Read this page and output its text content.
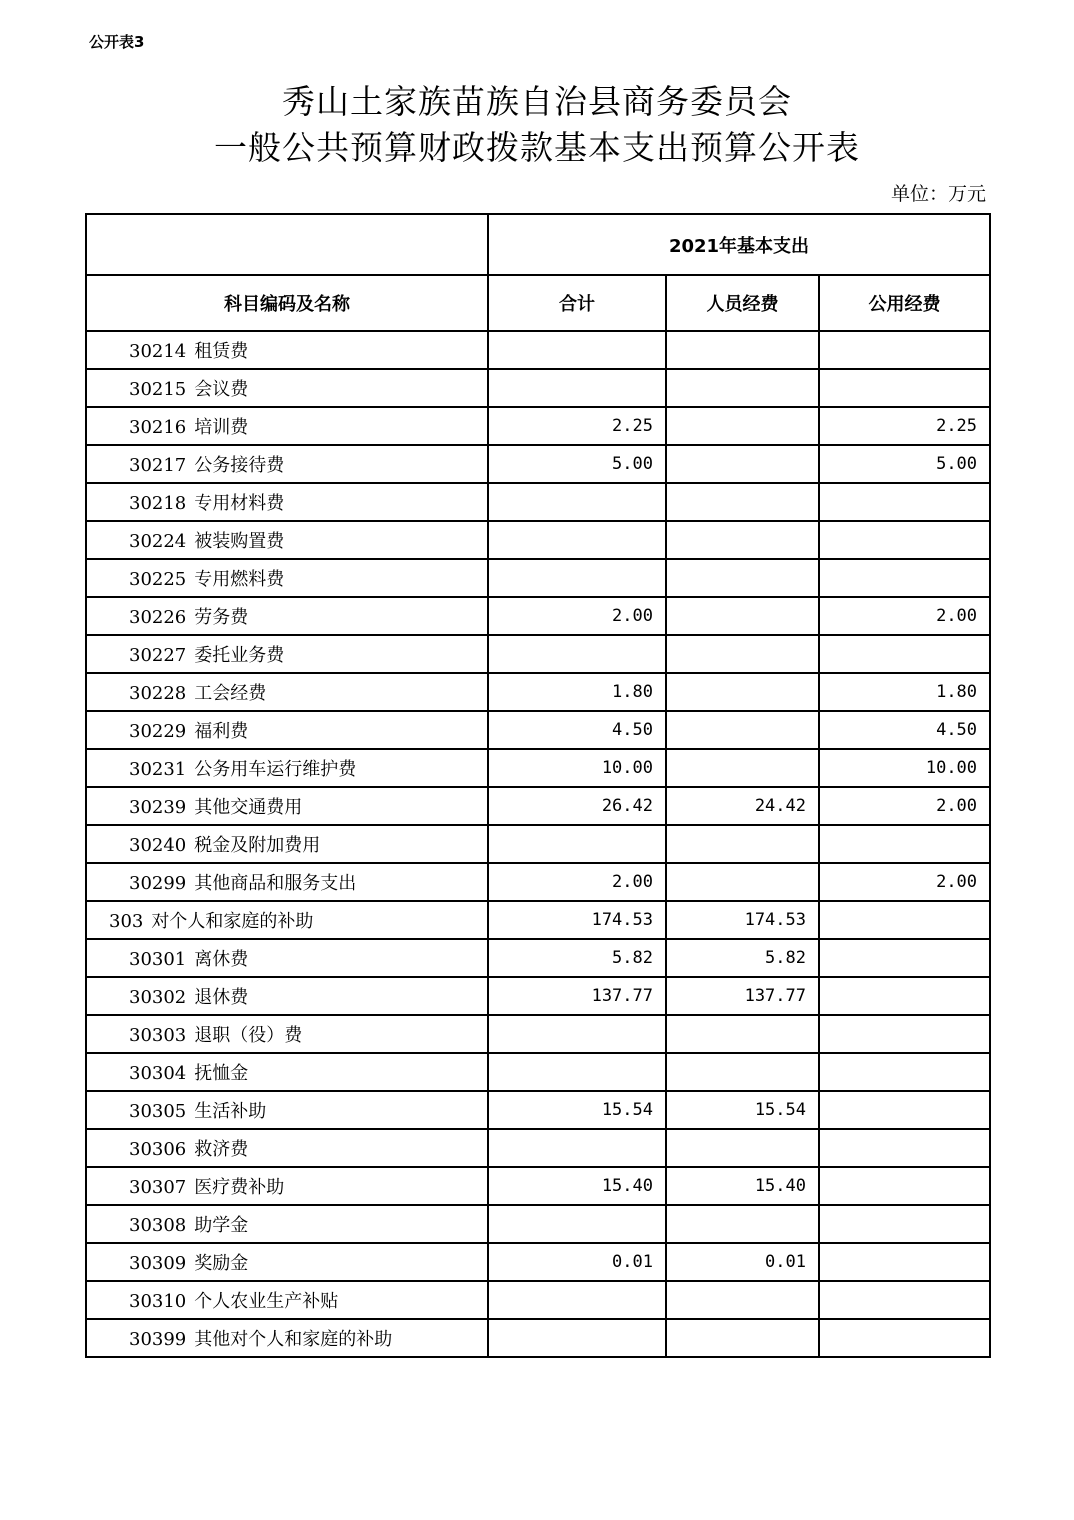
公开表3
秀山土家族苗族自治县商务委员会
一般公共预算财政拨款基本支出预算公开表
单位：万元
	2021年基本支出		
科目编码及名称	合计	人员经费	公用经费
30214 租赁费			
30215 会议费			
30216 培训费	2.25		2.25
30217 公务接待费	5.00		5.00
30218 专用材料费			
30224 被装购置费			
30225 专用燃料费			
30226 劳务费	2.00		2.00
30227 委托业务费			
30228 工会经费	1.80		1.80
30229 福利费	4.50		4.50
30231 公务用车运行维护费	10.00		10.00
30239 其他交通费用	26.42	24.42	2.00
30240 税金及附加费用			
30299 其他商品和服务支出	2.00		2.00
303 对个人和家庭的补助	174.53	174.53	
30301 离休费	5.82	5.82	
30302 退休费	137.77	137.77	
30303 退职（役）费			
30304 抚恤金			
30305 生活补助	15.54	15.54	
30306 救济费			
30307 医疗费补助	15.40	15.40	
30308 助学金			
30309 奖励金	0.01	0.01	
30310 个人农业生产补贴			
30399 其他对个人和家庭的补助			
